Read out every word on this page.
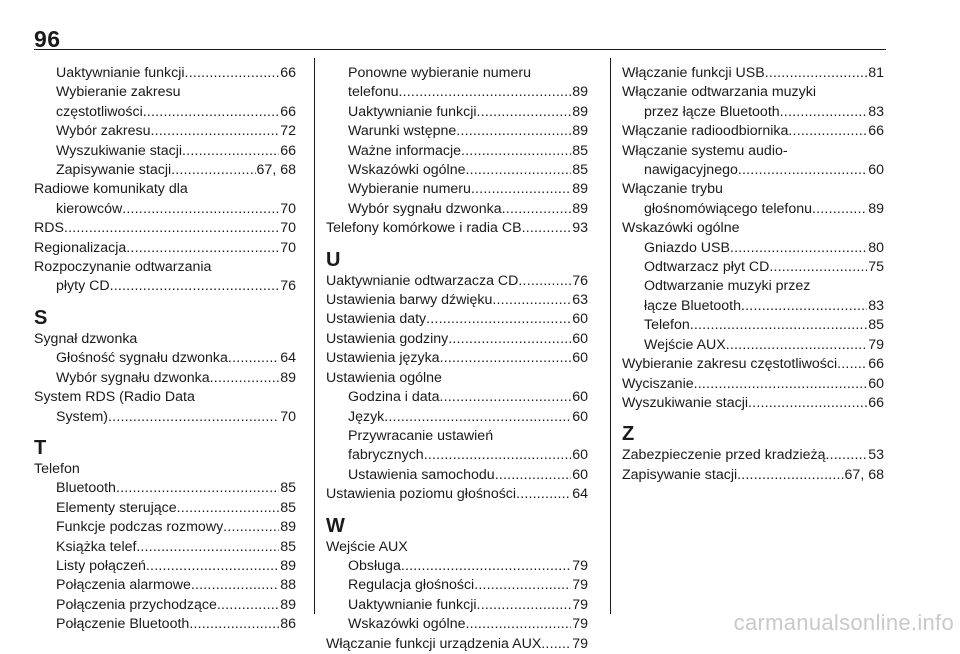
96
Uaktywnianie funkcji .....	66
Wybieranie zakresu
częstotliwości .....	66
Wybór zakresu .....	72
Wyszukiwanie stacji .....	66
Zapisywanie stacji .....	67, 68
Radiowe komunikaty dla
kierowców .....	70
RDS .....	70
Regionalizacja .....	70
Rozpoczynanie odtwarzania
płyty CD .....	76
S
Sygnał dzwonka
Głośność sygnału dzwonka .....	64
Wybór sygnału dzwonka .....	89
System RDS (Radio Data
System) .....	70
T
Telefon
Bluetooth .....	85
Elementy sterujące .....	85
Funkcje podczas rozmowy .....	89
Książka telef. .....	85
Listy połączeń .....	89
Połączenia alarmowe .....	88
Połączenia przychodzące .....	89
Połączenie Bluetooth .....	86
Ponowne wybieranie numeru
telefonu .....	89
Uaktywnianie funkcji .....	89
Warunki wstępne .....	89
Ważne informacje .....	85
Wskazówki ogólne .....	85
Wybieranie numeru .....	89
Wybór sygnału dzwonka .....	89
Telefony komórkowe i radia CB .....	93
U
Uaktywnianie odtwarzacza CD .....	76
Ustawienia barwy dźwięku .....	63
Ustawienia daty .....	60
Ustawienia godziny .....	60
Ustawienia języka .....	60
Ustawienia ogólne
Godzina i data .....	60
Język .....	60
Przywracanie ustawień
fabrycznych .....	60
Ustawienia samochodu .....	60
Ustawienia poziomu głośności .....	64
W
Wejście AUX
Obsługa .....	79
Regulacja głośności .....	79
Uaktywnianie funkcji .....	79
Wskazówki ogólne .....	79
Włączanie funkcji urządzenia AUX ..... 79
Włączanie funkcji USB .....	81
Włączanie odtwarzania muzyki
przez łącze Bluetooth .....	83
Włączanie radioodbiornika .....	66
Włączanie systemu audio-
nawigacyjnego .....	60
Włączanie trybu
głośnomówiącego telefonu .....	89
Wskazówki ogólne
Gniazdo USB .....	80
Odtwarzacz płyt CD .....	75
Odtwarzanie muzyki przez
łącze Bluetooth .....	83
Telefon .....	85
Wejście AUX .....	79
Wybieranie zakresu częstotliwości ..... 66
Wyciszanie .....	60
Wyszukiwanie stacji .....	66
Z
Zabezpieczenie przed kradzieżą .....	53
Zapisywanie stacji .....	67, 68
carmanualsonline.info
